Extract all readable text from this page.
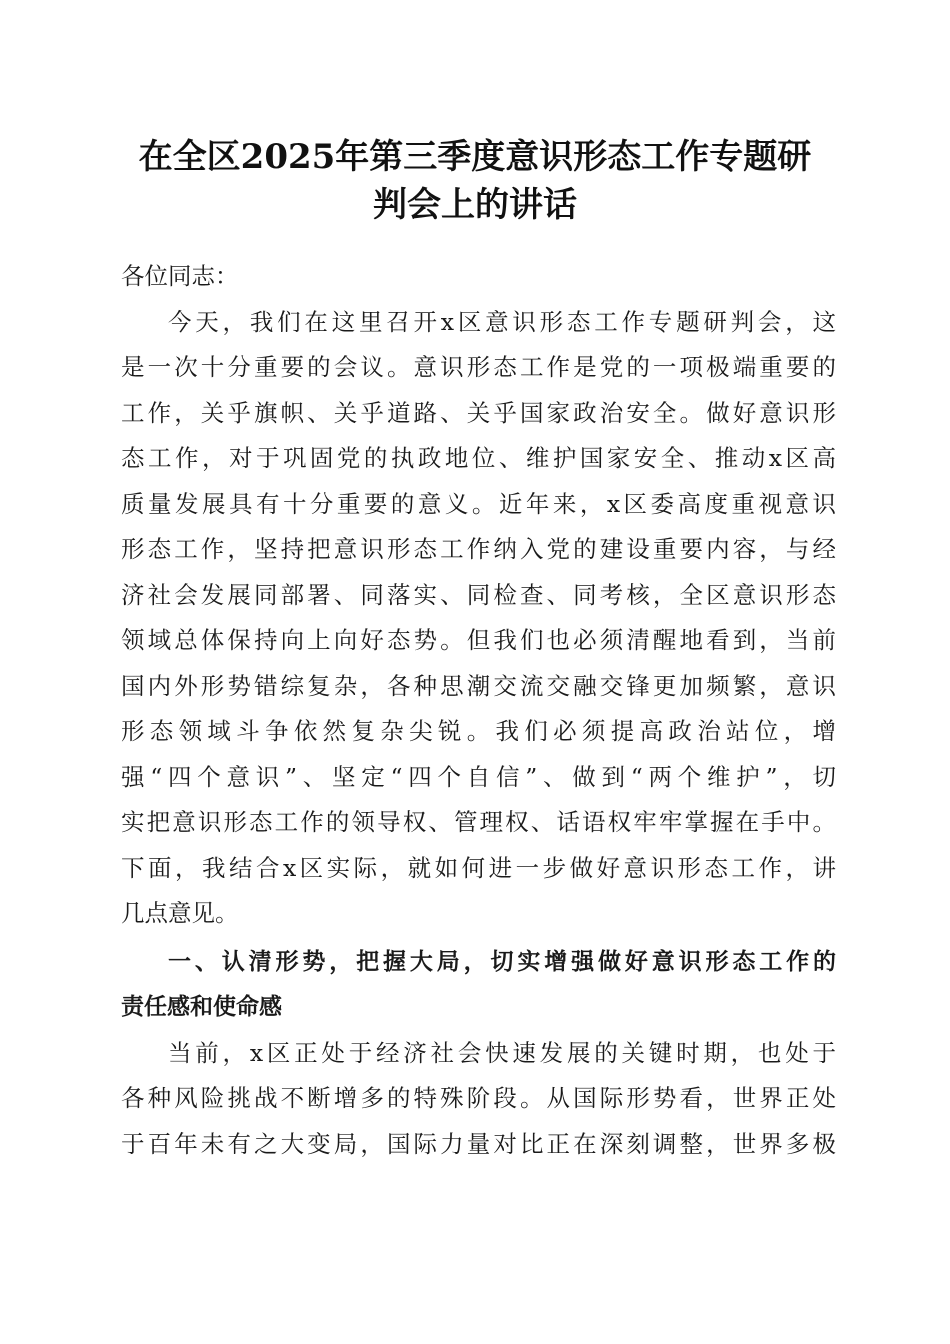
在全区2025年第三季度意识形态工作专题研
判会上的讲话
各位同志：
今天，我们在这里召开x区意识形态工作专题研判会，这
是一次十分重要的会议。意识形态工作是党的一项极端重要的
工作，关乎旗帜、关乎道路、关乎国家政治安全。做好意识形
态工作，对于巩固党的执政地位、维护国家安全、推动x区高
质量发展具有十分重要的意义。近年来，x区委高度重视意识
形态工作，坚持把意识形态工作纳入党的建设重要内容，与经
济社会发展同部署、同落实、同检查、同考核，全区意识形态
领域总体保持向上向好态势。但我们也必须清醒地看到，当前
国内外形势错综复杂，各种思潮交流交融交锋更加频繁，意识
形态领域斗争依然复杂尖锐。我们必须提高政治站位，增
强“四个意识”、坚定“四个自信”、做到“两个维护”，切
实把意识形态工作的领导权、管理权、话语权牢牢掌握在手中。
下面，我结合x区实际，就如何进一步做好意识形态工作，讲
几点意见。
一、认清形势，把握大局，切实增强做好意识形态工作的
责任感和使命感
当前，x区正处于经济社会快速发展的关键时期，也处于
各种风险挑战不断增多的特殊阶段。从国际形势看，世界正处
于百年未有之大变局，国际力量对比正在深刻调整，世界多极
